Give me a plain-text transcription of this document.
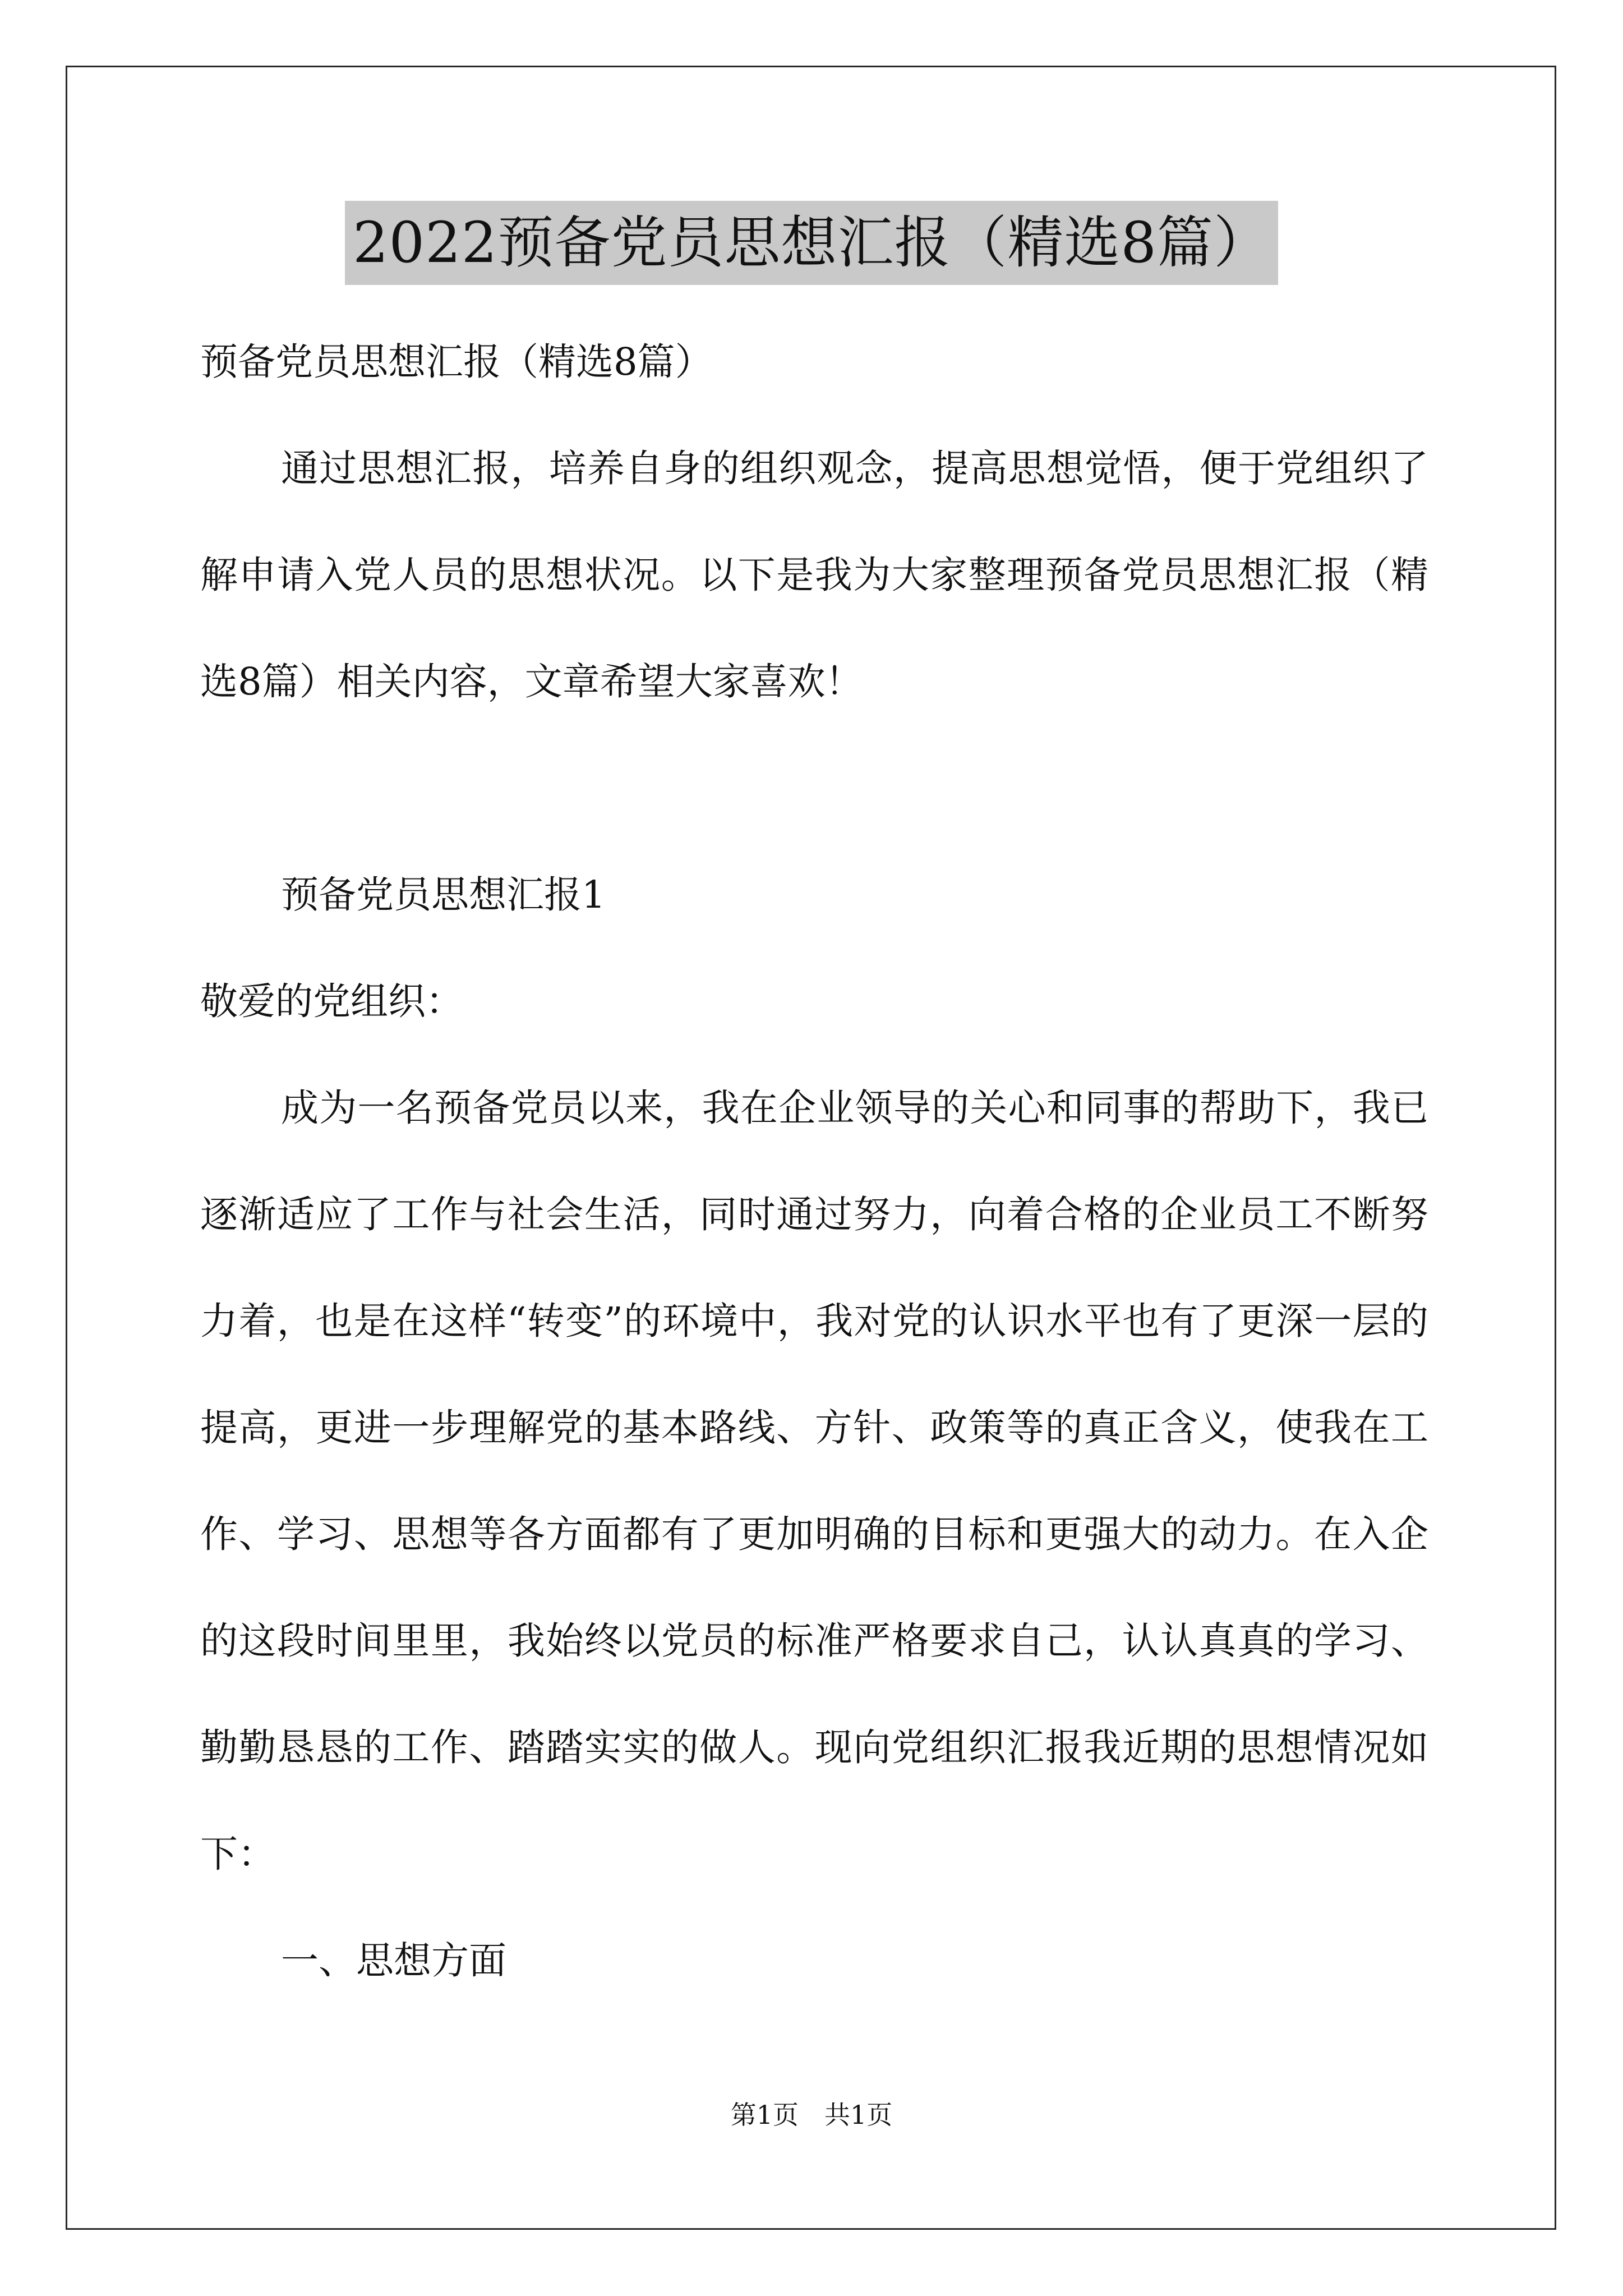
2022预备党员思想汇报（精选8篇）

预备党员思想汇报（精选8篇）

通过思想汇报，培养自身的组织观念，提高思想觉悟，便于党组织了解申请入党人员的思想状况。以下是我为大家整理预备党员思想汇报（精选8篇）相关内容，文章希望大家喜欢！

预备党员思想汇报1

敬爱的党组织：

成为一名预备党员以来，我在企业领导的关心和同事的帮助下，我已逐渐适应了工作与社会生活，同时通过努力，向着合格的企业员工不断努力着，也是在这样“转变”的环境中，我对党的认识水平也有了更深一层的提高，更进一步理解党的基本路线、方针、政策等的真正含义，使我在工作、学习、思想等各方面都有了更加明确的目标和更强大的动力。在入企的这段时间里里，我始终以党员的标准严格要求自己，认认真真的学习、勤勤恳恳的工作、踏踏实实的做人。现向党组织汇报我近期的思想情况如下：

一、思想方面

第1页 共1页
